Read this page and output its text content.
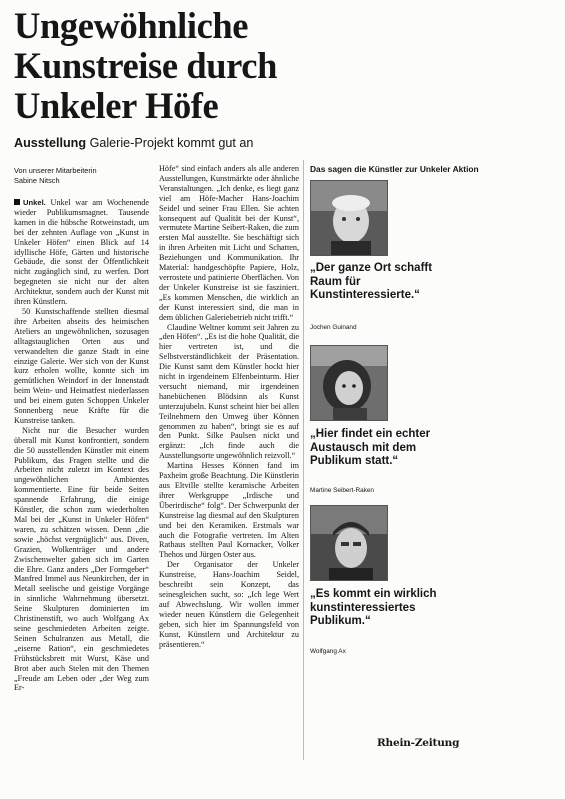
Ungewöhnliche
Kunstreise durch
Unkeler Höfe
Ausstellung Galerie-Projekt kommt gut an
Von unserer Mitarbeiterin
Sabine Nitsch

Unkel. Unkel war am Wochenende wieder Publikumsmagnet. Tausende kamen in die hübsche Rotweinstadt, um bei der zehnten Auflage von „Kunst in Unkeler Höfen“ einen Blick auf 14 idyllische Höfe, Gärten und historische Gebäude, die sonst der Öffentlichkeit nicht zugänglich sind, zu werfen. Dort begegneten sie nicht nur der alten Architektur, sondern auch der Kunst mit ihren Künstlern.

50 Kunstschaffende stellten diesmal ihre Arbeiten abseits des heimischen Ateliers an ungewöhnlichen, sozusagen alltagstauglichen Orten aus und verwandelten die ganze Stadt in eine einzige Galerie. Wer sich von der Kunst kurz erholen wollte, konnte sich im gemütlichen Weindorf in der Innenstadt beim Wein- und Heimatfest niederlassen und bei einem guten Schoppen Unkeler Sonnenberg neue Kräfte für die Kunstreise tanken.

Nicht nur die Besucher wurden überall mit Kunst konfrontiert, sondern die 50 ausstellenden Künstler mit einem Publikum, das Fragen stellte und die Arbeiten nicht zuletzt im Kontext des ungewöhnlichen Ambientes kommentierte. Eine für beide Seiten spannende Erfahrung, die einige Künstler, die schon zum wiederholten Mal bei der „Kunst in Unkeler Höfen“ waren, zu schätzen wissen. Denn „die sowie „höchst vergnüglich“ aus. Diven, Grazien, Wolkenträger und andere Zwischenwelter gaben sich im Garten die Ehre. Ganz anders „Der Formgeber“ Manfred Immel aus Neunkirchen, der in Metall seelische und geistige Vorgänge in sinnliche Wahrnehmung übersetzt. Seine Skulpturen dominierten im Christinenstift, wo auch Wolfgang Ax seine geschmiedeten Arbeiten zeigte. Seinen Schulranzen aus Metall, die „eiserne Ration“, ein geschmiedetes Frühstücksbrett mit Wurst, Käse und Brot aber auch Stelen mit den Themen „Freude am Leben oder „der Weg zum Er-

Höfe“ sind einfach anders als alle anderen Ausstellungen, Kunstmärkte oder ähnliche Veranstaltungen. „Ich denke, es liegt ganz viel am Höfe-Macher Hans-Joachim Seidel und seiner Frau Ellen. Sie achten konsequent auf Qualität bei der Kunst“, vermutete Martine Seibert-Raken, die zum ersten Mal ausstellte. Sie beschäftigt sich in ihren Arbeiten mit Licht und Schatten, Beziehungen und Kommunikation. Ihr Material: handgeschöpfte Papiere, Holz, verrostete und patinierte Oberflächen. Von der Unkeler Kunstreise ist sie fasziniert. „Es kommen Menschen, die wirklich an der Kunst interessiert sind, die man in dem üblichen Galeriebetrieb nicht trifft.“

Claudine Weltner kommt seit Jahren zu „den Höfen“. „Es ist die hohe Qualität, die hier vertreten ist, und die Selbstverständlichkeit der Präsentation. Die Kunst samt dem Künstler hockt hier nicht in irgendeinem Elfenbeinturm. Hier versucht niemand, mir irgendeinen hanebüchenen Blödsinn als Kunst unterzujubeln. Kunst scheint hier bei allen Teilnehmern den Umweg über Können genommen zu haben“, bringt sie es auf den Punkt. Silke Paulsen nickt und ergänzt: „Ich finde auch die Ausstellungsorte ungewöhnlich reizvoll.“

Martina Hesses Können fand im Paxheim große Beachtung. Die Künstlerin aus Eltville stellte keramische Arbeiten ihrer Werkgruppe „Irdische und Überirdische“ folg“. Der Schwerpunkt der Kunstreise lag diesmal auf den Skulpturen und bei den Keramiken. Erstmals war auch die Fotografie vertreten. Im Alten Rathaus stellten Paul Kornacker, Volker Thehos und Jürgen Oster aus.

Der Organisator der Unkeler Kunstreise, Hans-Joachim Seidel, beschreibt sein Konzept, das seinesgleichen sucht, so: „Ich lege Wert auf Abwechslung. Wir wollen immer wieder neuen Künstlern die Gelegenheit geben, sich hier im Spannungsfeld von Kunst, Künstlern und Architektur zu präsentieren.“

Das sagen die Künstler zur Unkeler Aktion
„Der ganze Ort schafft Raum für Kunstinteressierte.“
Jochen Guinand
„Hier findet ein echter Austausch mit dem Publikum statt.“
Martine Seibert-Raken
„Es kommt ein wirklich kunstinteressiertes Publikum.“
Wolfgang Ax
Rhein-Zeitung
